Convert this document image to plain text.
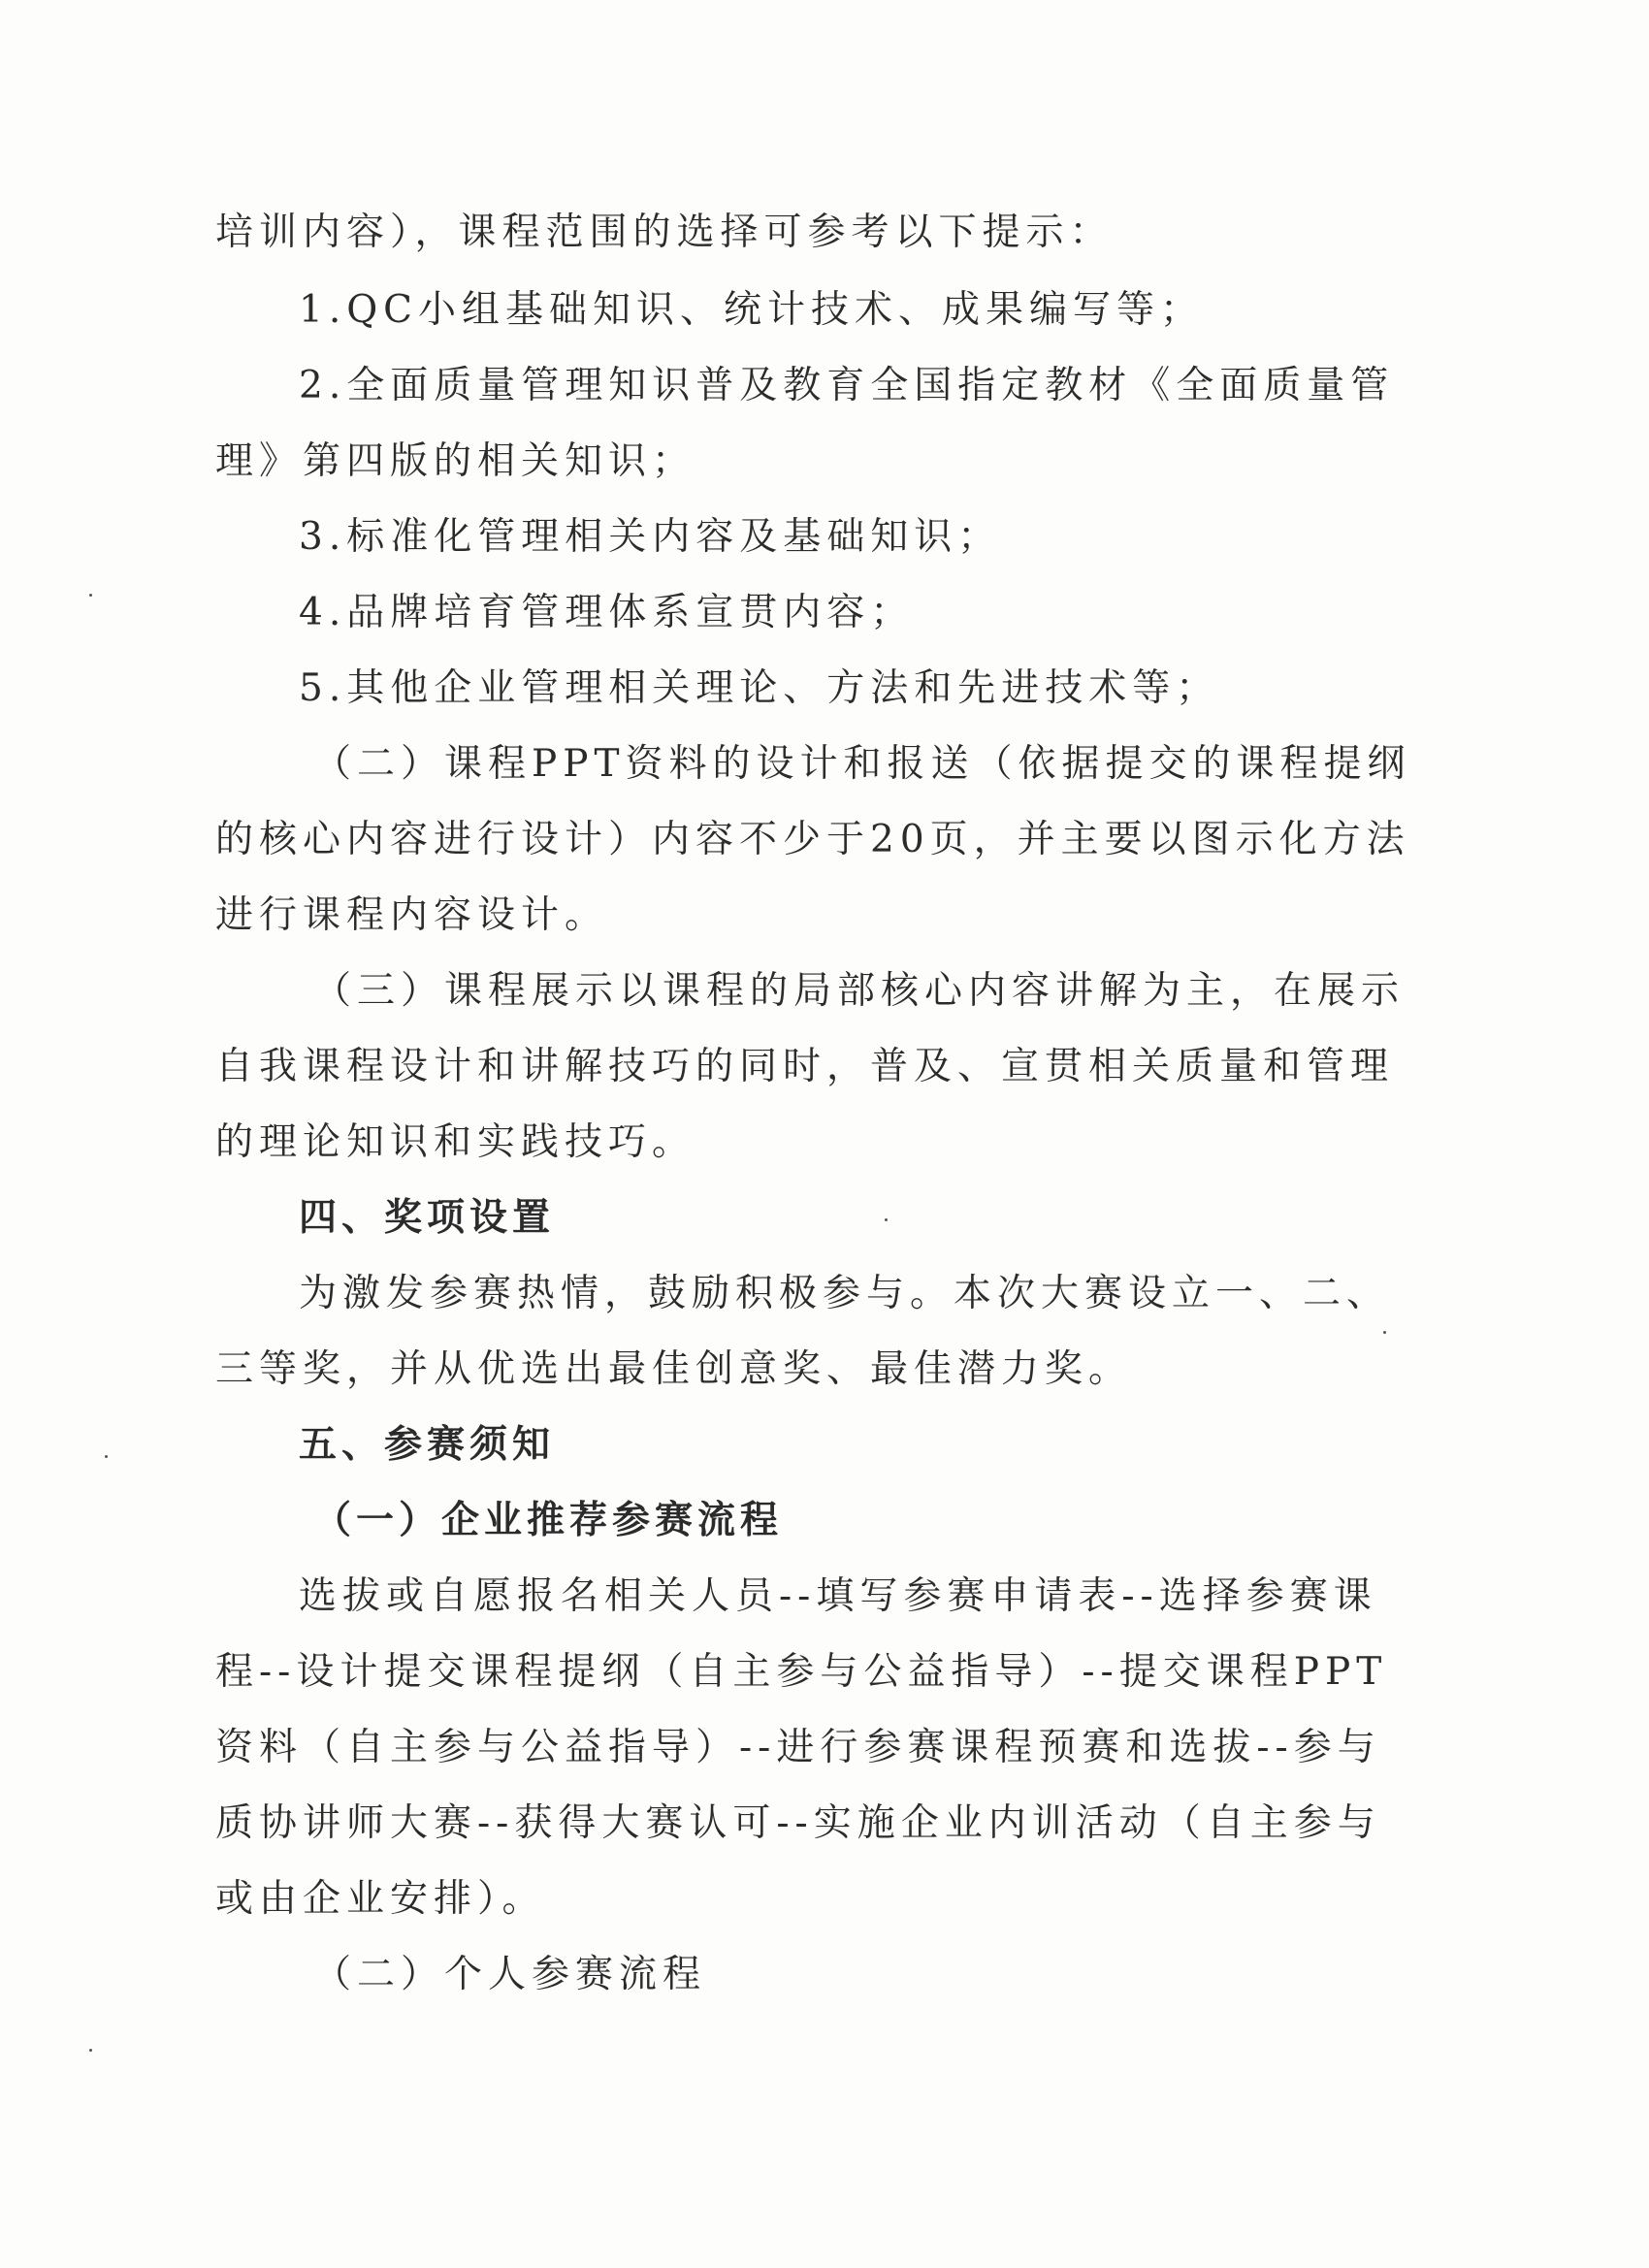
培训内容），课程范围的选择可参考以下提示：
1.QC小组基础知识、统计技术、成果编写等；
2.全面质量管理知识普及教育全国指定教材《全面质量管
理》第四版的相关知识；
3.标准化管理相关内容及基础知识；
4.品牌培育管理体系宣贯内容；
5.其他企业管理相关理论、方法和先进技术等；
（二）课程PPT资料的设计和报送（依据提交的课程提纲
的核心内容进行设计）内容不少于20页，并主要以图示化方法
进行课程内容设计。
（三）课程展示以课程的局部核心内容讲解为主，在展示
自我课程设计和讲解技巧的同时，普及、宣贯相关质量和管理
的理论知识和实践技巧。
四、奖项设置
为激发参赛热情，鼓励积极参与。本次大赛设立一、二、
三等奖，并从优选出最佳创意奖、最佳潜力奖。
五、参赛须知
（一）企业推荐参赛流程
选拔或自愿报名相关人员--填写参赛申请表--选择参赛课
程--设计提交课程提纲（自主参与公益指导）--提交课程PPT
资料（自主参与公益指导）--进行参赛课程预赛和选拔--参与
质协讲师大赛--获得大赛认可--实施企业内训活动（自主参与
或由企业安排）。
（二）个人参赛流程
